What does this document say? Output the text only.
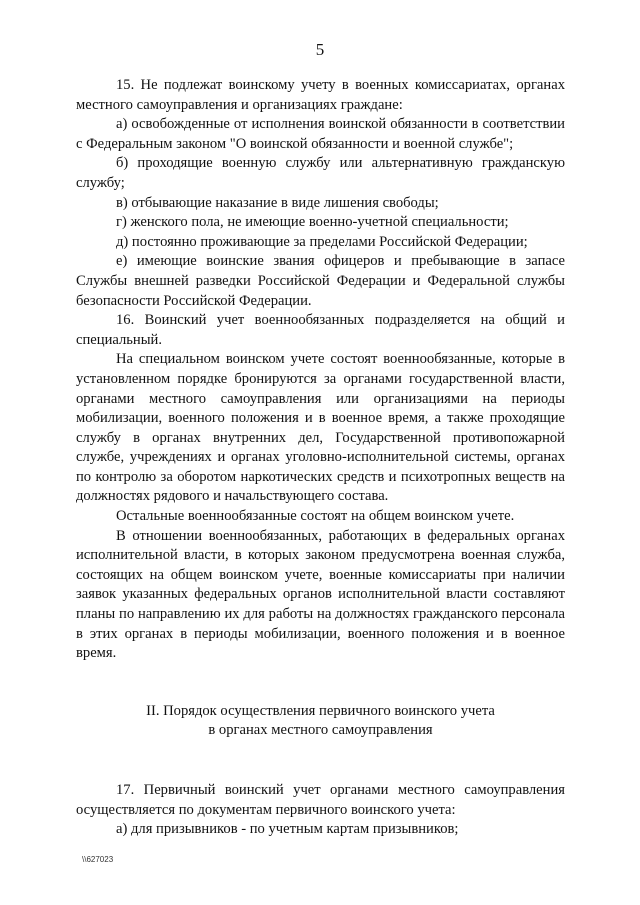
5

15. Не подлежат воинскому учету в военных комиссариатах, органах местного самоуправления и организациях граждане:

а) освобожденные от исполнения воинской обязанности в соответствии с Федеральным законом "О воинской обязанности и военной службе";

б) проходящие военную службу или альтернативную гражданскую службу;

в) отбывающие наказание в виде лишения свободы;

г) женского пола, не имеющие военно-учетной специальности;

д) постоянно проживающие за пределами Российской Федерации;

е) имеющие воинские звания офицеров и пребывающие в запасе Службы внешней разведки Российской Федерации и Федеральной службы безопасности Российской Федерации.

16. Воинский учет военнообязанных подразделяется на общий и специальный.

На специальном воинском учете состоят военнообязанные, которые в установленном порядке бронируются за органами государственной власти, органами местного самоуправления или организациями на периоды мобилизации, военного положения и в военное время, а также проходящие службу в органах внутренних дел, Государственной противопожарной службе, учреждениях и органах уголовно-исполнительной системы, органах по контролю за оборотом наркотических средств и психотропных веществ на должностях рядового и начальствующего состава.

Остальные военнообязанные состоят на общем воинском учете.

В отношении военнообязанных, работающих в федеральных органах исполнительной власти, в которых законом предусмотрена военная служба, состоящих на общем воинском учете, военные комиссариаты при наличии заявок указанных федеральных органов исполнительной власти составляют планы по направлению их для работы на должностях гражданского персонала в этих органах в периоды мобилизации, военного положения и в военное время.

II. Порядок осуществления первичного воинского учета
в органах местного самоуправления

17. Первичный воинский учет органами местного самоуправления осуществляется по документам первичного воинского учета:

а) для призывников - по учетным картам призывников;

\\627023
